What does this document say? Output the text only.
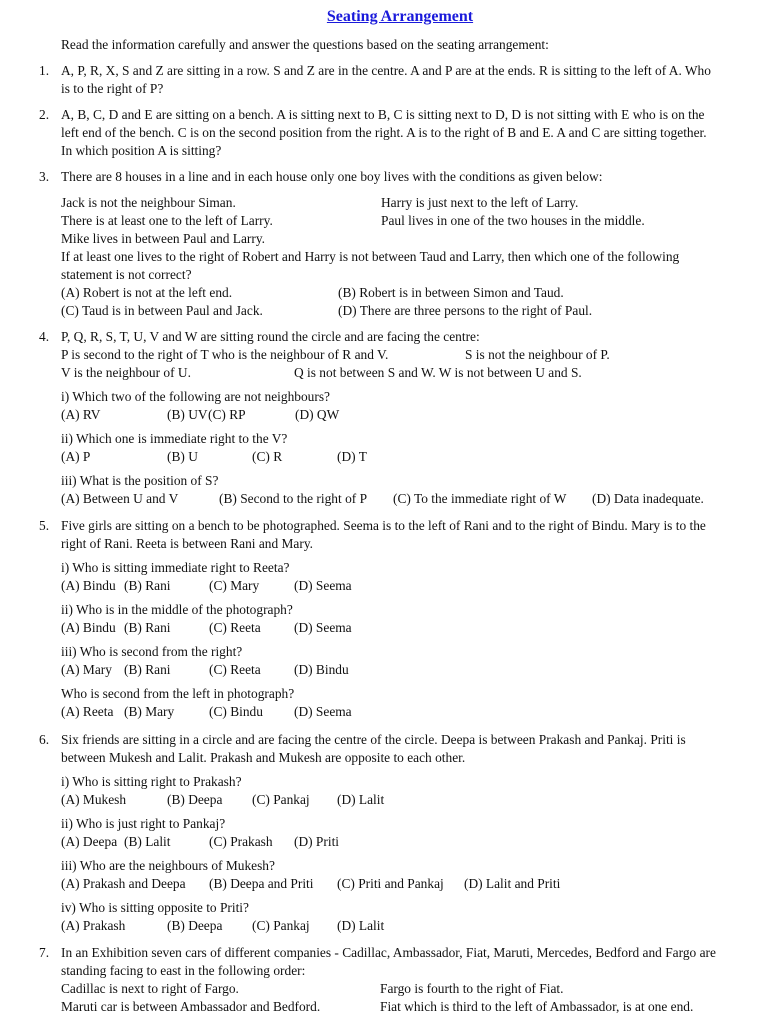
Seating Arrangement
Read the information carefully and answer the questions based on the seating arrangement:
1. A, P, R, X, S and Z are sitting in a row. S and Z are in the centre. A and P are at the ends. R is sitting to the left of A. Who is to the right of P?

2. A, B, C, D and E are sitting on a bench. A is sitting next to B, C is sitting next to D, D is not sitting with E who is on the left end of the bench. C is on the second position from the right. A is to the right of B and E. A and C are sitting together. In which position A is sitting?

3. There are 8 houses in a line and in each house only one boy lives with the conditions as given below:

Jack is not the neighbour Siman.	Harry is just next to the left of Larry.
There is at least one to the left of Larry.	Paul lives in one of the two houses in the middle.
Mike lives in between Paul and Larry.

If at least one lives to the right of Robert and Harry is not between Taud and Larry, then which one of the following statement is not correct?

(A) Robert is not at the left end.	(B) Robert is in between Simon and Taud.
(C) Taud is in between Paul and Jack.	(D) There are three persons to the right of Paul.
4. P, Q, R, S, T, U, V and W are sitting round the circle and are facing the centre:

P is second to the right of T who is the neighbour of R and V.	S is not the neighbour of P.
V is the neighbour of U.	Q is not between S and W. W is not between U and S.

i) Which two of the following are not neighbours?

(A) RV	(B) UV (C) RP	(D) QW

ii) Which one is immediate right to the V?

(A) P	(B) U	(C) R	(D) T

iii) What is the position of S?

(A) Between U and V	(B) Second to the right of P (C) To the immediate right of W (D) Data inadequate.
5. Five girls are sitting on a bench to be photographed. Seema is to the left of Rani and to the right of Bindu. Mary is to the right of Rani. Reeta is between Rani and Mary.

i) Who is sitting immediate right to Reeta?

(A) Bindu (B) Rani	(C) Mary	(D) Seema

ii) Who is in the middle of the photograph?

(A) Bindu (B) Rani	(C) Reeta (D) Seema

iii) Who is second from the right?

(A) Mary (B) Rani	(C) Reeta (D) Bindu

Who is second from the left in photograph?

(A) Reeta (B) Mary	(C) Bindu (D) Seema
6. Six friends are sitting in a circle and are facing the centre of the circle. Deepa is between Prakash and Pankaj. Priti is between Mukesh and Lalit. Prakash and Mukesh are opposite to each other.

i) Who is sitting right to Prakash?

(A) Mukesh	(B) Deepa (C) Pankaj (D) Lalit

ii) Who is just right to Pankaj?

(A) Deepa (B) Lalit	(C) Prakash (D) Priti

iii) Who are the neighbours of Mukesh?

(A) Prakash and Deepa (B) Deepa and Priti (C) Priti and Pankaj (D) Lalit and Priti

iv) Who is sitting opposite to Priti?

(A) Prakash	(B) Deepa (C) Pankaj (D) Lalit
7. In an Exhibition seven cars of different companies - Cadillac, Ambassador, Fiat, Maruti, Mercedes, Bedford and Fargo are standing facing to east in the following order:

Cadillac is next to right of Fargo.	Fargo is fourth to the right of Fiat.
Maruti car is between Ambassador and Bedford.	Fiat which is third to the left of Ambassador, is at one end.
